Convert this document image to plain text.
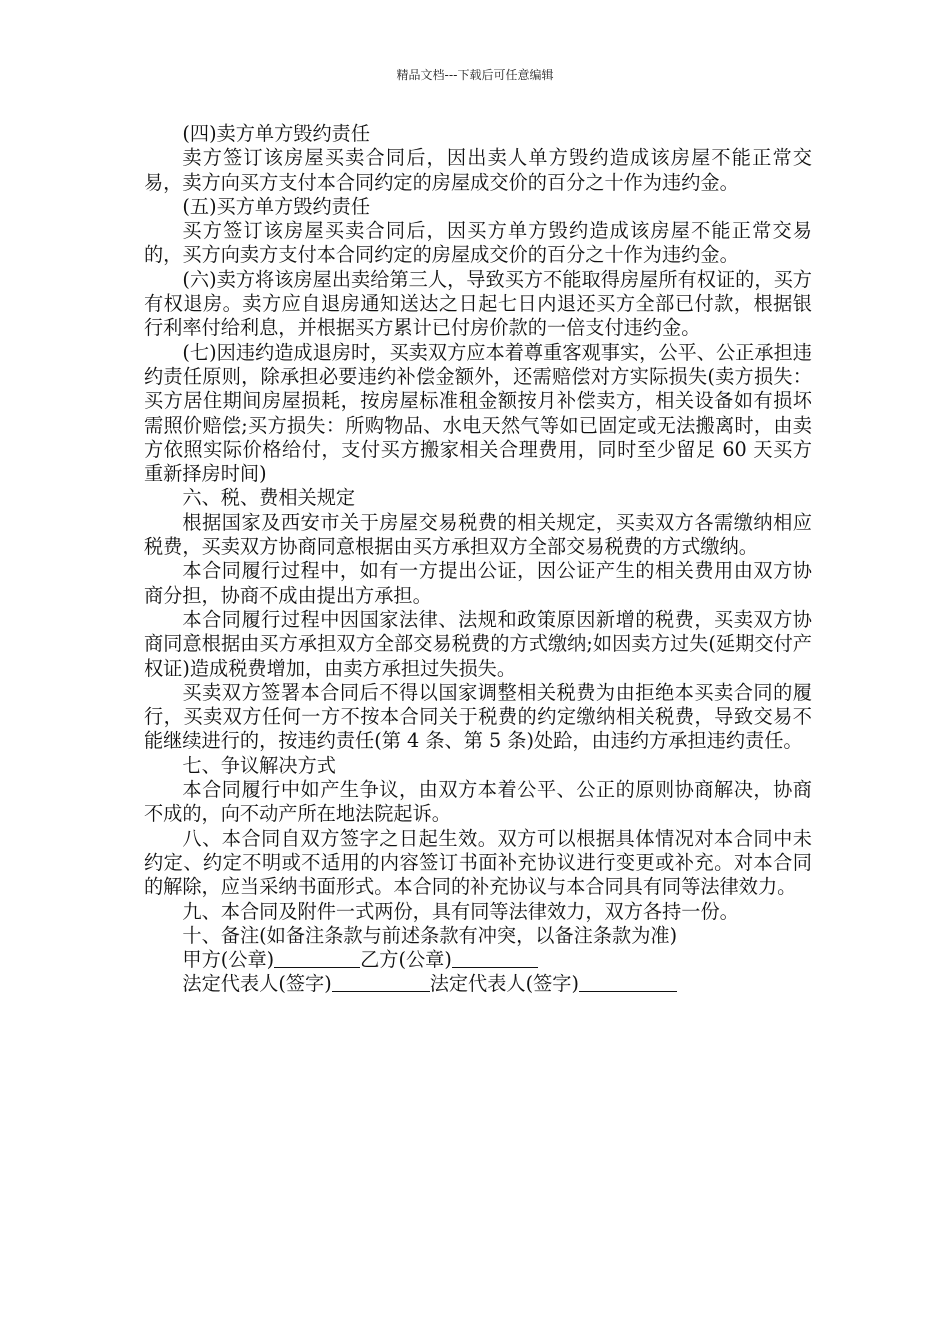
精品文档---下载后可任意编辑

(四)卖方单方毁约责任

卖方签订该房屋买卖合同后，因出卖人单方毁约造成该房屋不能正常交易，卖方向买方支付本合同约定的房屋成交价的百分之十作为违约金。

(五)买方单方毁约责任

买方签订该房屋买卖合同后，因买方单方毁约造成该房屋不能正常交易的，买方向卖方支付本合同约定的房屋成交价的百分之十作为违约金。

(六)卖方将该房屋出卖给第三人，导致买方不能取得房屋所有权证的，买方有权退房。卖方应自退房通知送达之日起七日内退还买方全部已付款，根据银行利率付给利息，并根据买方累计已付房价款的一倍支付违约金。

(七)因违约造成退房时，买卖双方应本着尊重客观事实，公平、公正承担违约责任原则，除承担必要违约补偿金额外，还需赔偿对方实际损失(卖方损失：买方居住期间房屋损耗，按房屋标准租金额按月补偿卖方，相关设备如有损坏需照价赔偿;买方损失：所购物品、水电天然气等如已固定或无法搬离时，由卖方依照实际价格给付，支付买方搬家相关合理费用，同时至少留足 60 天买方重新择房时间)

六、税、费相关规定

根据国家及西安市关于房屋交易税费的相关规定，买卖双方各需缴纳相应税费，买卖双方协商同意根据由买方承担双方全部交易税费的方式缴纳。

本合同履行过程中，如有一方提出公证，因公证产生的相关费用由双方协商分担，协商不成由提出方承担。

本合同履行过程中因国家法律、法规和政策原因新增的税费，买卖双方协商同意根据由买方承担双方全部交易税费的方式缴纳;如因卖方过失(延期交付产权证)造成税费增加，由卖方承担过失损失。

买卖双方签署本合同后不得以国家调整相关税费为由拒绝本买卖合同的履行，买卖双方任何一方不按本合同关于税费的约定缴纳相关税费，导致交易不能继续进行的，按违约责任(第 4 条、第 5 条)处跲，由违约方承担违约责任。

七、争议解决方式

本合同履行中如产生争议，由双方本着公平、公正的原则协商解决，协商不成的，向不动产所在地法院起诉。

八、本合同自双方签字之日起生效。双方可以根据具体情况对本合同中未约定、约定不明或不适用的内容签订书面补充协议进行变更或补充。对本合同的解除，应当采纳书面形式。本合同的补充协议与本合同具有同等法律效力。

九、本合同及附件一式两份，具有同等法律效力，双方各持一份。

十、备注(如备注条款与前述条款有冲突，以备注条款为准)

甲方(公章)	乙方(公章)

法定代表人(签字)	法定代表人(签字)
